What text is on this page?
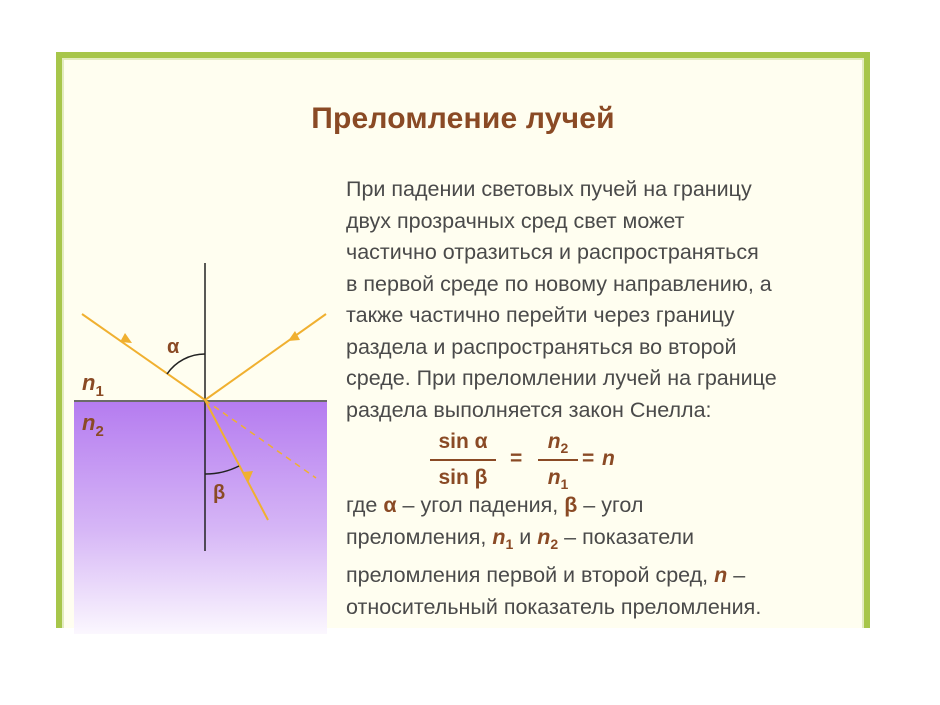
Преломление лучей
α
β
$n_1$
$n_2$

При падении световых пучей на границу

двух прозрачных сред свет может

частично отразиться и распространяться

в первой среде по новому направлению, а

также частично перейти через границу

раздела и распространяться во второй

среде. При преломлении лучей на границе

раздела выполняется закон Снелла:

sin α
sin β
=
$n_2$
$n_1$
= n

где α – угол падения, β – угол

преломления, $n_1$ и $n_2$ – показатели

преломления первой и второй сред, n –

относительный показатель преломления.
